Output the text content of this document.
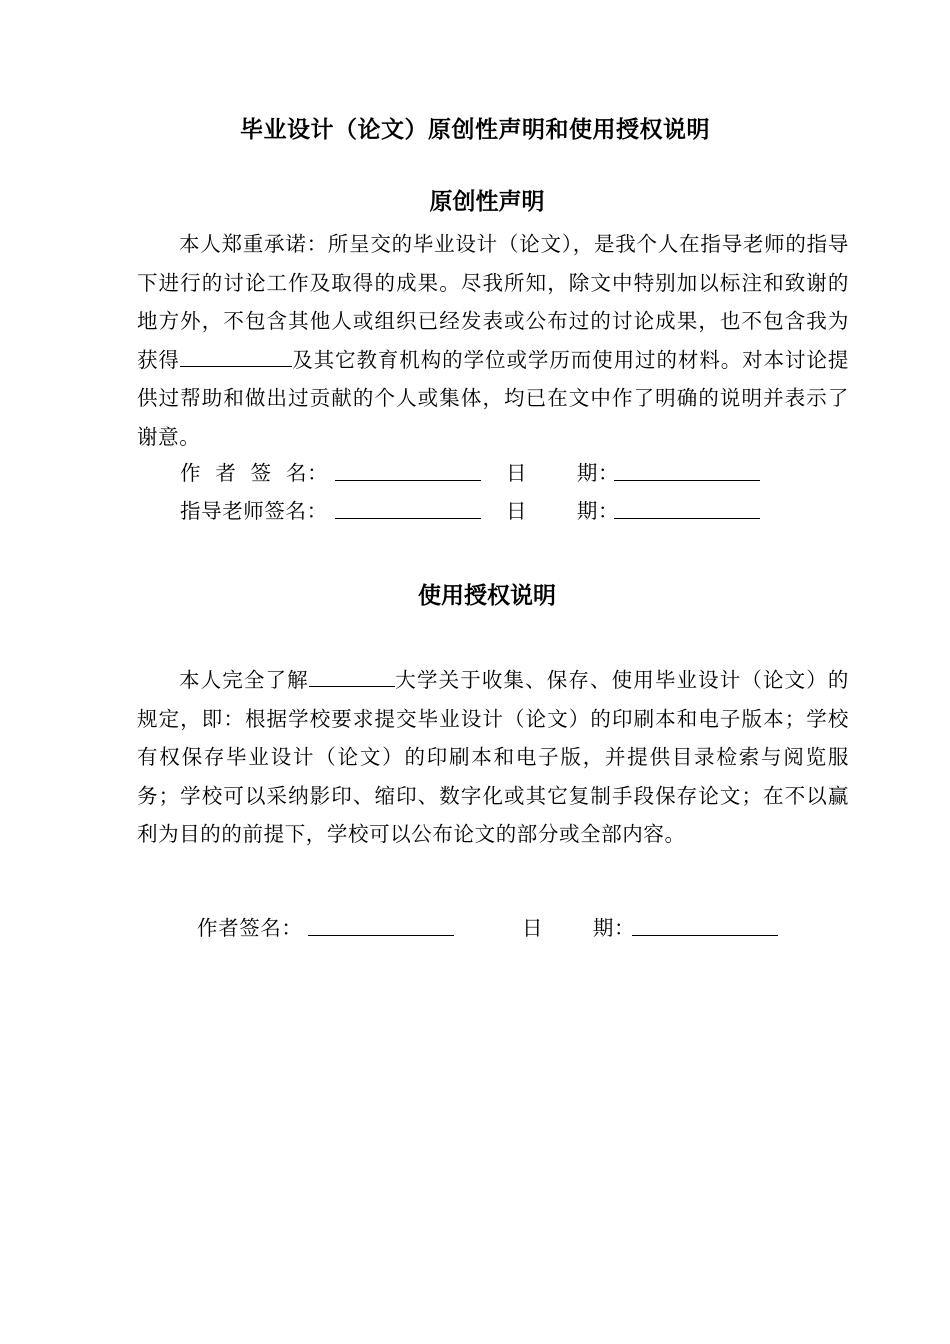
毕业设计（论文）原创性声明和使用授权说明
原创性声明
本人郑重承诺：所呈交的毕业设计（论文），是我个人在指导老师的指导下进行的讨论工作及取得的成果。尽我所知，除文中特别加以标注和致谢的地方外，不包含其他人或组织已经发表或公布过的讨论成果，也不包含我为获得	及其它教育机构的学位或学历而使用过的材料。对本讨论提供过帮助和做出过贡献的个人或集体，均已在文中作了明确的说明并表示了谢意。
作  者  签  名：	日       期：
指导老师签名：	日       期：
使用授权说明
本人完全了解	大学关于收集、保存、使用毕业设计（论文）的规定，即：根据学校要求提交毕业设计（论文）的印刷本和电子版本；学校有权保存毕业设计（论文）的印刷本和电子版，并提供目录检索与阅览服务；学校可以采纳影印、缩印、数字化或其它复制手段保存论文；在不以赢利为目的的前提下，学校可以公布论文的部分或全部内容。
作者签名：	日       期：
